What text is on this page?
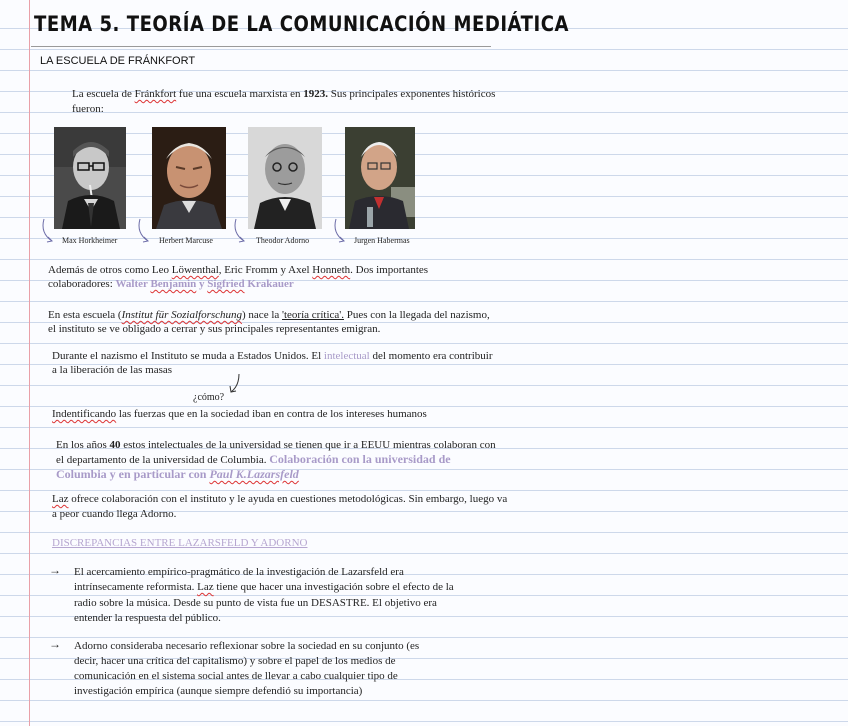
TEMA 5. TEORÍA DE LA COMUNICACIÓN MEDIÁTICA
LA ESCUELA DE FRÁNKFORT
La escuela de Fránkfort fue una escuela marxista en 1923. Sus principales exponentes históricos
fueron:
Max Horkheimer	Herbert Marcuse	Theodor Adorno	Jurgen Habermas
Además de otros como Leo Löwenthal, Eric Fromm y Axel Honneth. Dos importantes
colaboradores: Walter Benjamin y Sigfried Krakauer
En esta escuela (Institut für Sozialforschung) nace la 'teoría crítica'. Pues con la llegada del nazismo,
el instituto se ve obligado a cerrar y sus principales representantes emigran.
Durante el nazismo el Instituto se muda a Estados Unidos. El intelectual del momento era contribuir
a la liberación de las masas
¿cómo?
Indentificando las fuerzas que en la sociedad iban en contra de los intereses humanos
En los años 40 estos intelectuales de la universidad se tienen que ir a EEUU mientras colaboran con
el departamento de la universidad de Columbia. Colaboración con la universidad de
Columbia y en particular con Paul K.Lazarsfeld
Laz ofrece colaboración con el instituto y le ayuda en cuestiones metodológicas. Sin embargo, luego va
a peor cuando llega Adorno.
DISCREPANCIAS ENTRE LAZARSFELD Y ADORNO
→ El acercamiento empírico-pragmático de la investigación de Lazarsfeld era
intrínsecamente reformista. Laz tiene que hacer una investigación sobre el efecto de la
radio sobre la música. Desde su punto de vista fue un DESASTRE. El objetivo era
entender la respuesta del público.
→ Adorno consideraba necesario reflexionar sobre la sociedad en su conjunto (es
decir, hacer una crítica del capitalismo) y sobre el papel de los medios de
comunicación en el sistema social antes de llevar a cabo cualquier tipo de
investigación empírica (aunque siempre defendió su importancia)
